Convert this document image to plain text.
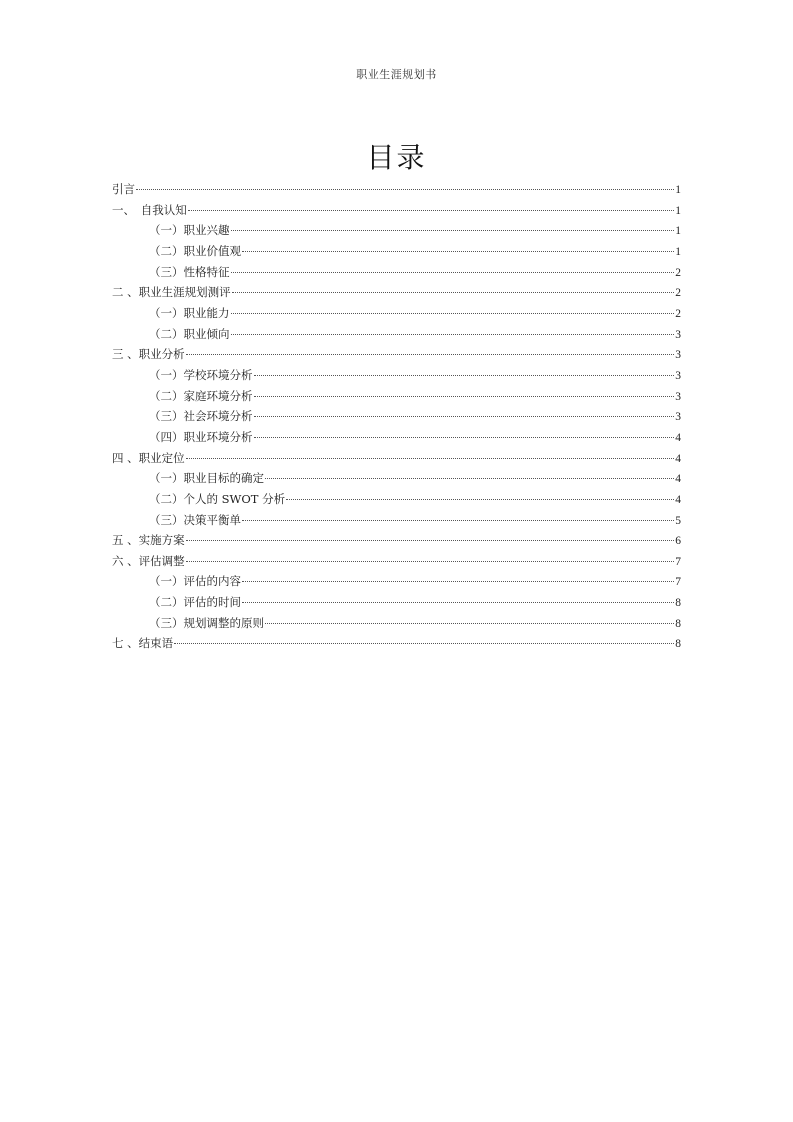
职业生涯规划书
目录
引言	1
一、　自我认知	1
（一）职业兴趣	1
（二）职业价值观	1
（三）性格特征	2
二 、职业生涯规划测评	2
（一）职业能力	2
（二）职业倾向	3
三 、职业分析	3
（一）学校环境分析	3
（二）家庭环境分析	3
（三）社会环境分析	3
（四）职业环境分析	4
四 、职业定位	4
（一）职业目标的确定	4
（二）个人的 SWOT 分析	4
（三）决策平衡单	5
五 、实施方案	6
六 、评估调整	7
（一）评估的内容	7
（二）评估的时间	8
（三）规划调整的原则	8
七 、结束语	8
